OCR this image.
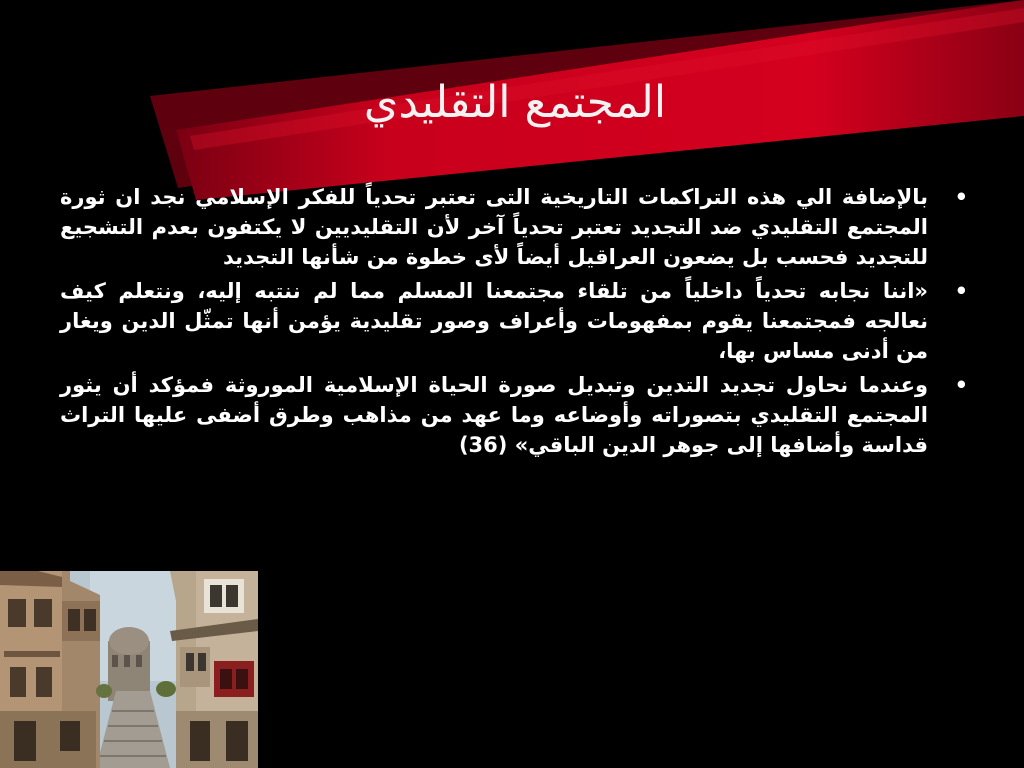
المجتمع التقليدي
•
بالإضافة الي هذه التراكمات التاريخية التى تعتبر تحدياً للفكر الإسلامي نجد ان ثورة المجتمع التقليدي ضد التجديد تعتبر تحدياً آخر لأن التقليديين لا يكتفون بعدم التشجيع للتجديد فحسب بل يضعون العراقيل أيضاً لأى خطوة من شأنها التجديد
•
«اننا نجابه تحدياً داخلياً من تلقاء مجتمعنا المسلم مما لم ننتبه إليه، ونتعلم كيف نعالجه فمجتمعنا يقوم بمفهومات وأعراف وصور تقليدية يؤمن أنها تمثّل الدين ويغار من أدنى مساس بها،
•
وعندما نحاول تجديد التدين وتبديل صورة الحياة الإسلامية الموروثة فمؤكد أن يثور المجتمع التقليدي بتصوراته وأوضاعه وما عهد من مذاهب وطرق أضفى عليها التراث قداسة وأضافها إلى جوهر الدين الباقي» (36)
